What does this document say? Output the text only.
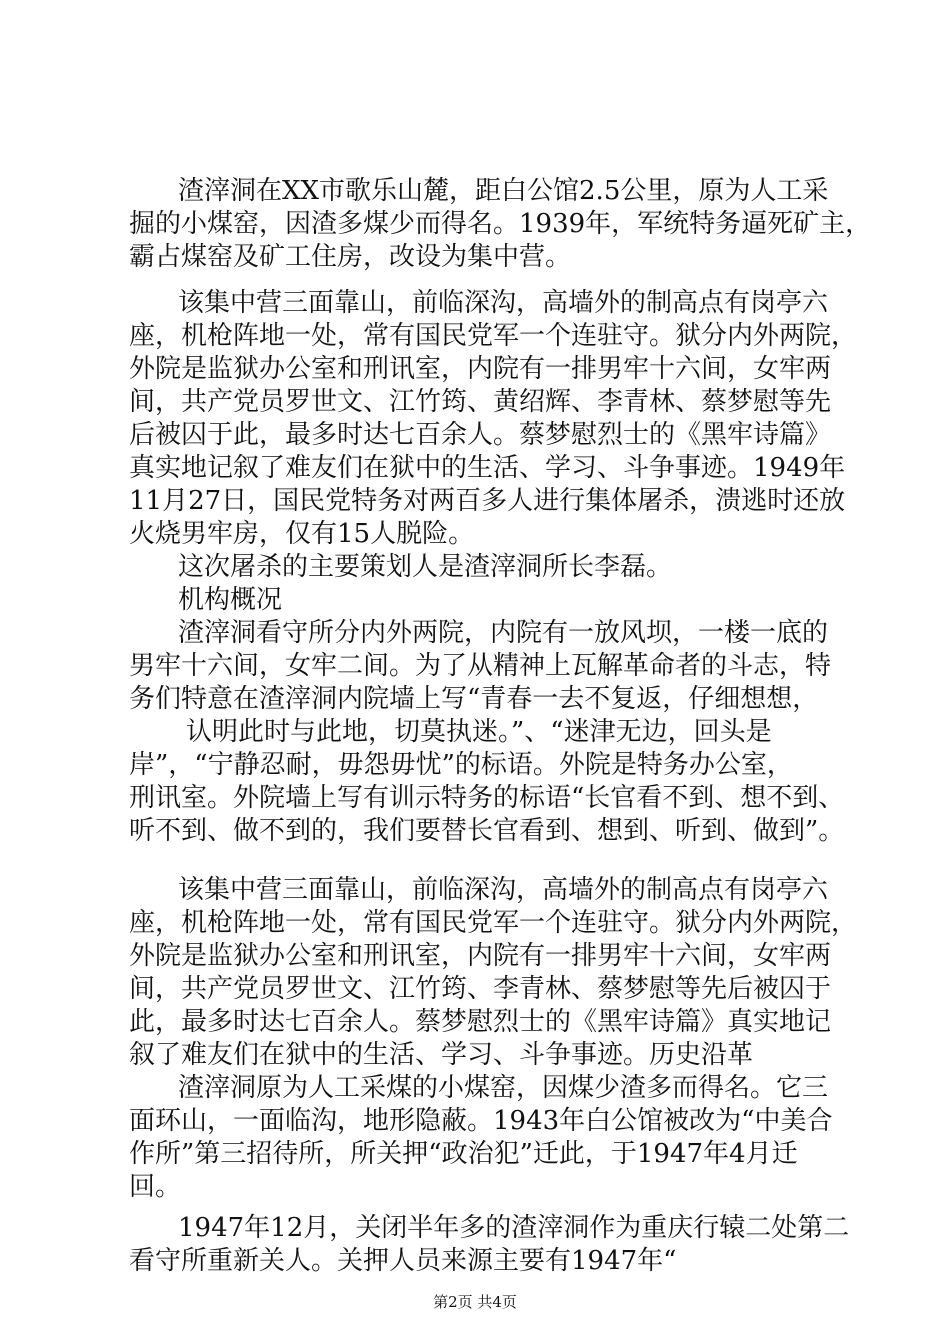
渣滓洞在XX市歌乐山麓，距白公馆2.5公里，原为人工采
掘的小煤窑，因渣多煤少而得名。1939年，军统特务逼死矿主，
霸占煤窑及矿工住房，改设为集中营。
该集中营三面靠山，前临深沟，高墙外的制高点有岗亭六
座，机枪阵地一处，常有国民党军一个连驻守。狱分内外两院，
外院是监狱办公室和刑讯室，内院有一排男牢十六间，女牢两
间，共产党员罗世文、江竹筠、黄绍辉、李青林、蔡梦慰等先
后被囚于此，最多时达七百余人。蔡梦慰烈士的《黑牢诗篇》
真实地记叙了难友们在狱中的生活、学习、斗争事迹。1949年
11月27日，国民党特务对两百多人进行集体屠杀，溃逃时还放
火烧男牢房，仅有15人脱险。
这次屠杀的主要策划人是渣滓洞所长李磊。
机构概况
渣滓洞看守所分内外两院，内院有一放风坝，一楼一底的
男牢十六间，女牢二间。为了从精神上瓦解革命者的斗志，特
务们特意在渣滓洞内院墙上写“青春一去不复返，仔细想想，
认明此时与此地，切莫执迷。”、“迷津无边，回头是
岸”，“宁静忍耐，毋怨毋忧”的标语。外院是特务办公室，
刑讯室。外院墙上写有训示特务的标语“长官看不到、想不到、
听不到、做不到的，我们要替长官看到、想到、听到、做到”。
该集中营三面靠山，前临深沟，高墙外的制高点有岗亭六
座，机枪阵地一处，常有国民党军一个连驻守。狱分内外两院，
外院是监狱办公室和刑讯室，内院有一排男牢十六间，女牢两
间，共产党员罗世文、江竹筠、李青林、蔡梦慰等先后被囚于
此，最多时达七百余人。蔡梦慰烈士的《黑牢诗篇》真实地记
叙了难友们在狱中的生活、学习、斗争事迹。历史沿革
渣滓洞原为人工采煤的小煤窑，因煤少渣多而得名。它三
面环山，一面临沟，地形隐蔽。1943年白公馆被改为“中美合
作所”第三招待所，所关押“政治犯”迁此，于1947年4月迁
回。
1947年12月，关闭半年多的渣滓洞作为重庆行辕二处第二
看守所重新关人。关押人员来源主要有1947年“
第2页 共4页
